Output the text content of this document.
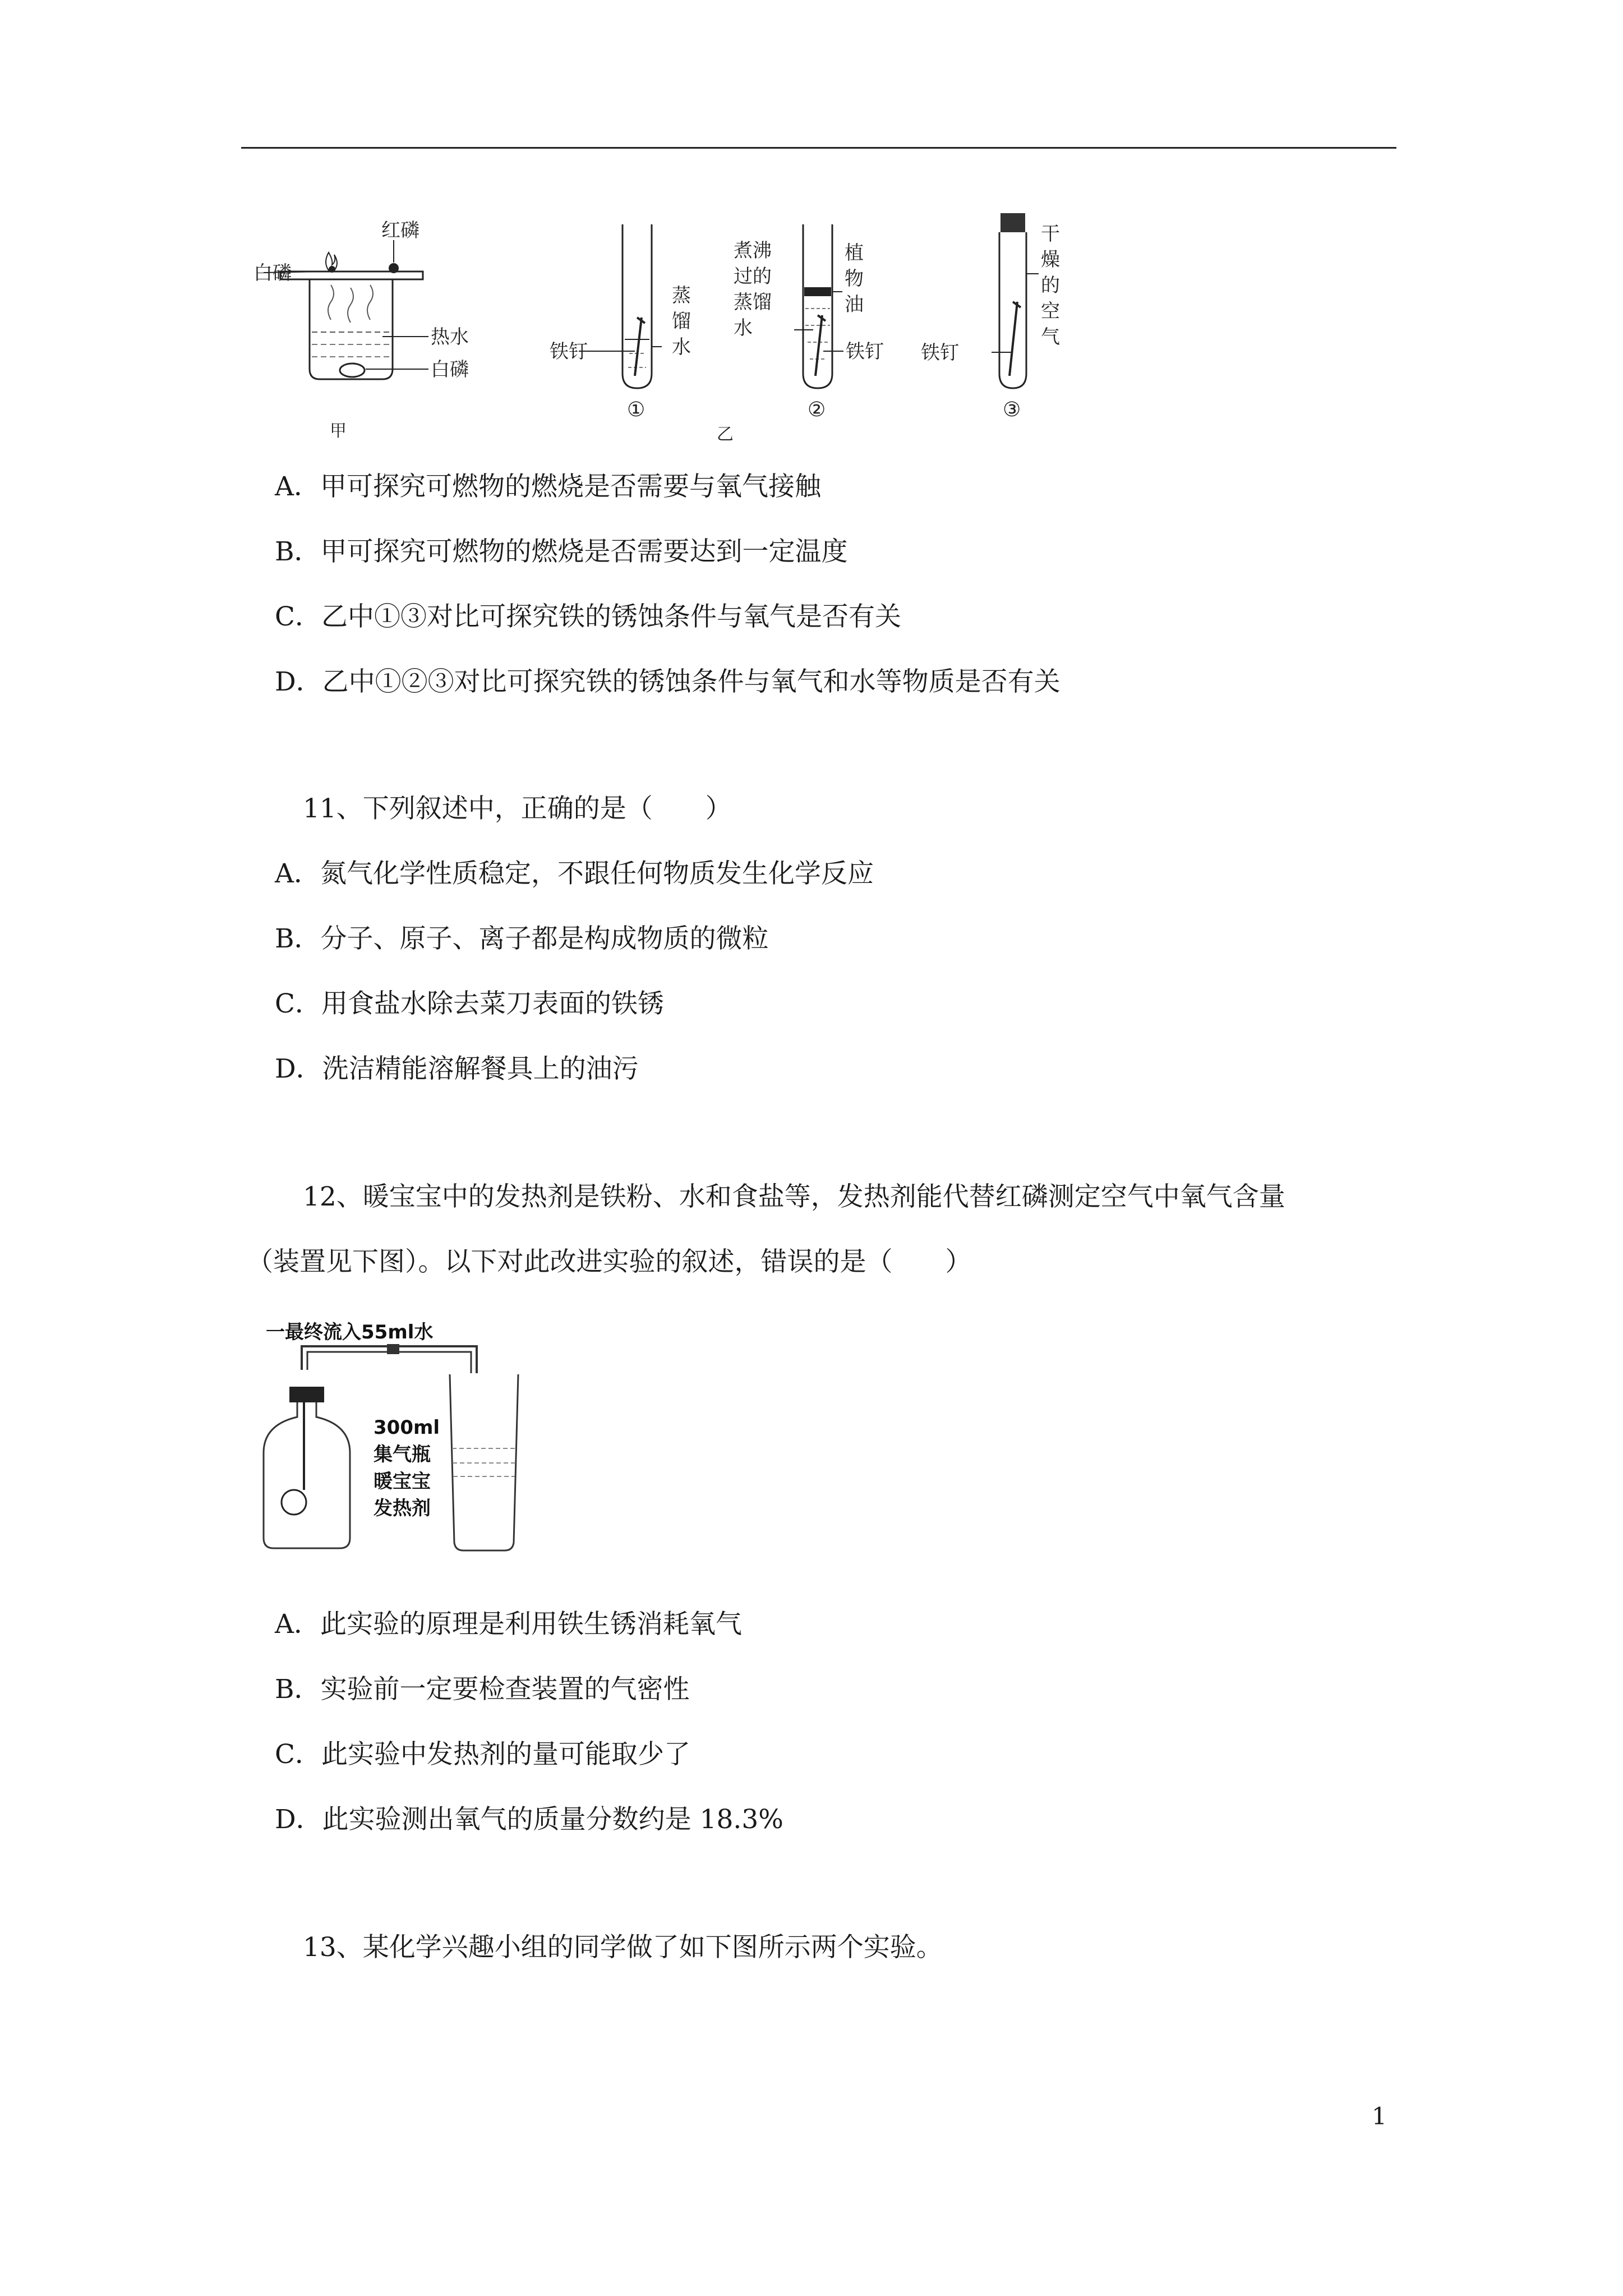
红磷
白磷
热水
白磷
甲
铁钉
蒸
馏
水
①
乙
煮沸
过的
蒸馏
水
植
物
油
铁钉
②
铁钉
干
燥
的
空
气
③
A．甲可探究可燃物的燃烧是否需要与氧气接触
B．甲可探究可燃物的燃烧是否需要达到一定温度
C．乙中①③对比可探究铁的锈蚀条件与氧气是否有关
D．乙中①②③对比可探究铁的锈蚀条件与氧气和水等物质是否有关
11、下列叙述中，正确的是（　　）
A．氮气化学性质稳定，不跟任何物质发生化学反应
B．分子、原子、离子都是构成物质的微粒
C．用食盐水除去菜刀表面的铁锈
D．洗洁精能溶解餐具上的油污
12、暖宝宝中的发热剂是铁粉、水和食盐等，发热剂能代替红磷测定空气中氧气含量
（装置见下图）。以下对此改进实验的叙述，错误的是（　　）
一最终流入55ml水
300ml
集气瓶
暖宝宝
发热剂
A．此实验的原理是利用铁生锈消耗氧气
B．实验前一定要检查装置的气密性
C．此实验中发热剂的量可能取少了
D．此实验测出氧气的质量分数约是 18.3%
13、某化学兴趣小组的同学做了如下图所示两个实验。
1
